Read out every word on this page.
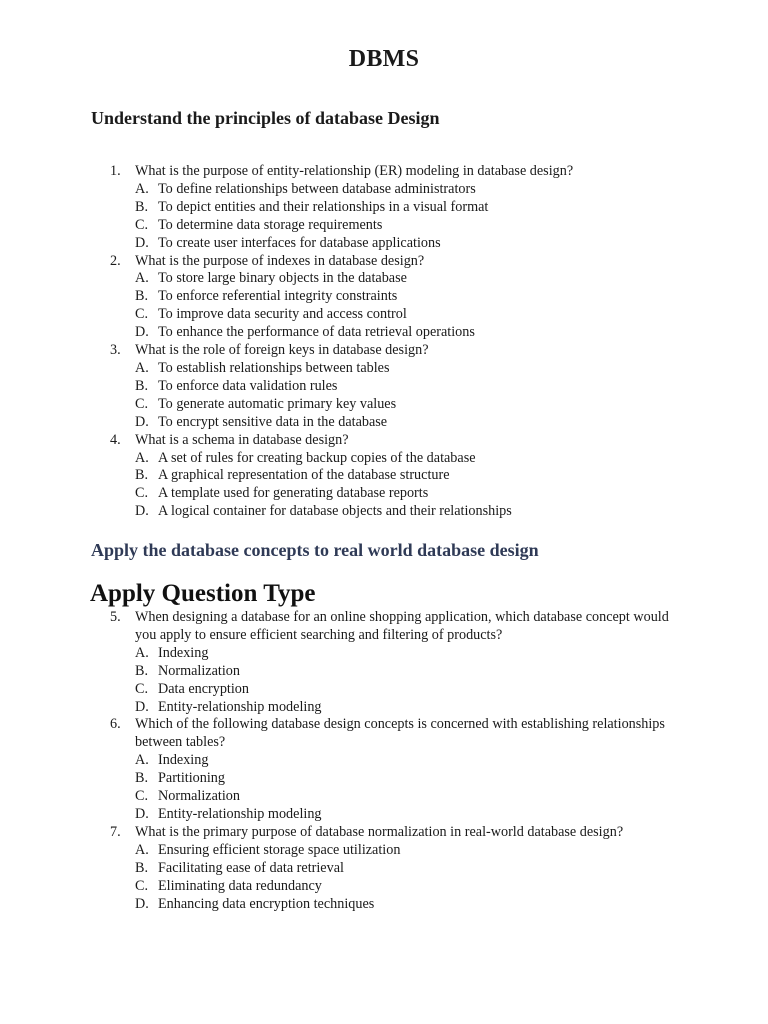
DBMS
Understand the principles of database Design
1.	What is the purpose of entity-relationship (ER) modeling in database design?
A. To define relationships between database administrators
B. To depict entities and their relationships in a visual format
C. To determine data storage requirements
D. To create user interfaces for database applications
2.	What is the purpose of indexes in database design?
A. To store large binary objects in the database
B. To enforce referential integrity constraints
C. To improve data security and access control
D. To enhance the performance of data retrieval operations
3.	What is the role of foreign keys in database design?
A. To establish relationships between tables
B. To enforce data validation rules
C. To generate automatic primary key values
D. To encrypt sensitive data in the database
4.	What is a schema in database design?
A. A set of rules for creating backup copies of the database
B. A graphical representation of the database structure
C. A template used for generating database reports
D. A logical container for database objects and their relationships
Apply the database concepts to real world database design
Apply Question Type
5.	When designing a database for an online shopping application, which database concept would you apply to ensure efficient searching and filtering of products?
A. Indexing
B. Normalization
C. Data encryption
D. Entity-relationship modeling
6.	Which of the following database design concepts is concerned with establishing relationships between tables?
A. Indexing
B. Partitioning
C. Normalization
D. Entity-relationship modeling
7.	What is the primary purpose of database normalization in real-world database design?
A. Ensuring efficient storage space utilization
B. Facilitating ease of data retrieval
C. Eliminating data redundancy
D. Enhancing data encryption techniques
